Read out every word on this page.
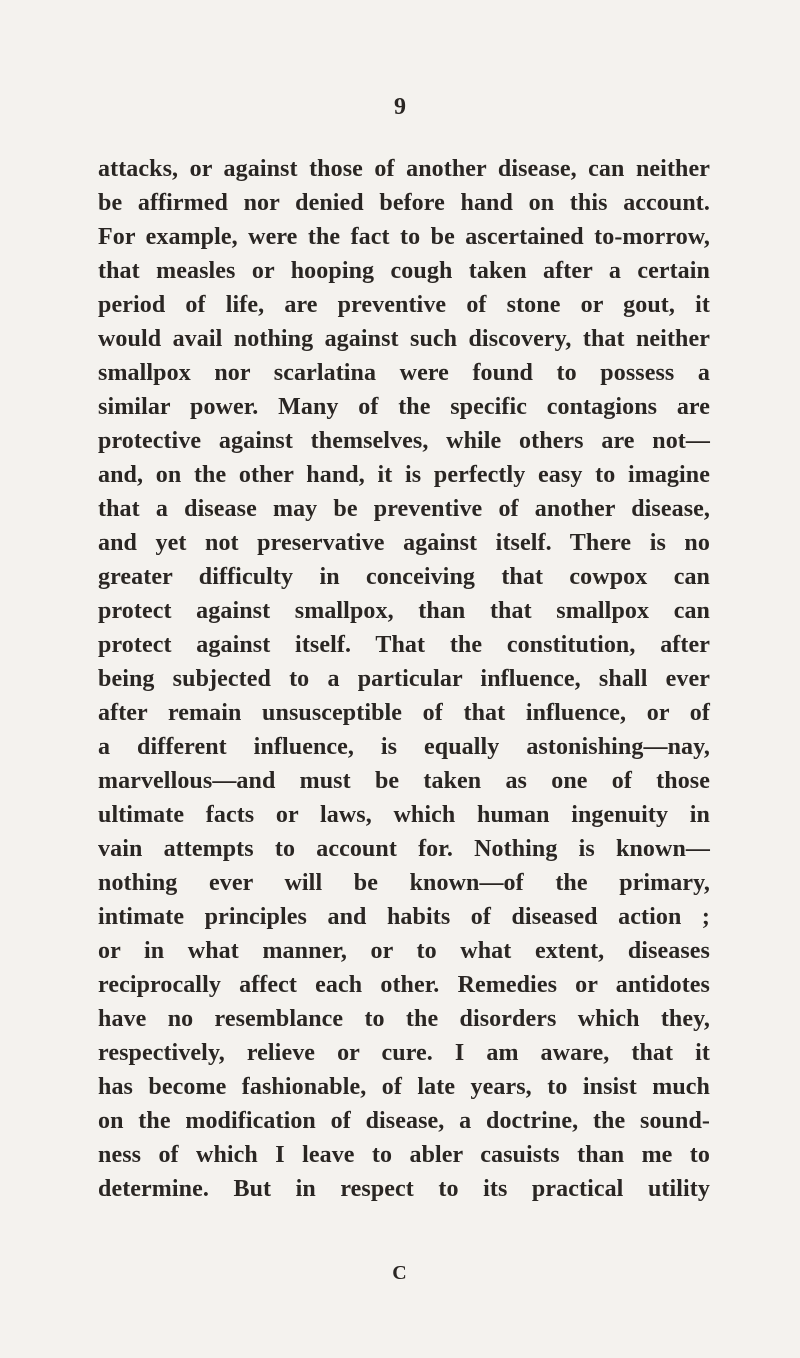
9
attacks, or against those of another disease, can neither
be affirmed nor denied before hand on this account.
For example, were the fact to be ascertained to-morrow,
that measles or hooping cough taken after a certain
period of life, are preventive of stone or gout, it
would avail nothing against such discovery, that neither
smallpox nor scarlatina were found to possess a
similar power. Many of the specific contagions are
protective against themselves, while others are not—
and, on the other hand, it is perfectly easy to imagine
that a disease may be preventive of another disease,
and yet not preservative against itself. There is no
greater difficulty in conceiving that cowpox can
protect against smallpox, than that smallpox can
protect against itself. That the constitution, after
being subjected to a particular influence, shall ever
after remain unsusceptible of that influence, or of
a different influence, is equally astonishing—nay,
marvellous—and must be taken as one of those
ultimate facts or laws, which human ingenuity in
vain attempts to account for. Nothing is known—
nothing ever will be known—of the primary,
intimate principles and habits of diseased action ;
or in what manner, or to what extent, diseases
reciprocally affect each other. Remedies or antidotes
have no resemblance to the disorders which they,
respectively, relieve or cure. I am aware, that it
has become fashionable, of late years, to insist much
on the modification of disease, a doctrine, the sound-
ness of which I leave to abler casuists than me to
determine. But in respect to its practical utility
C
